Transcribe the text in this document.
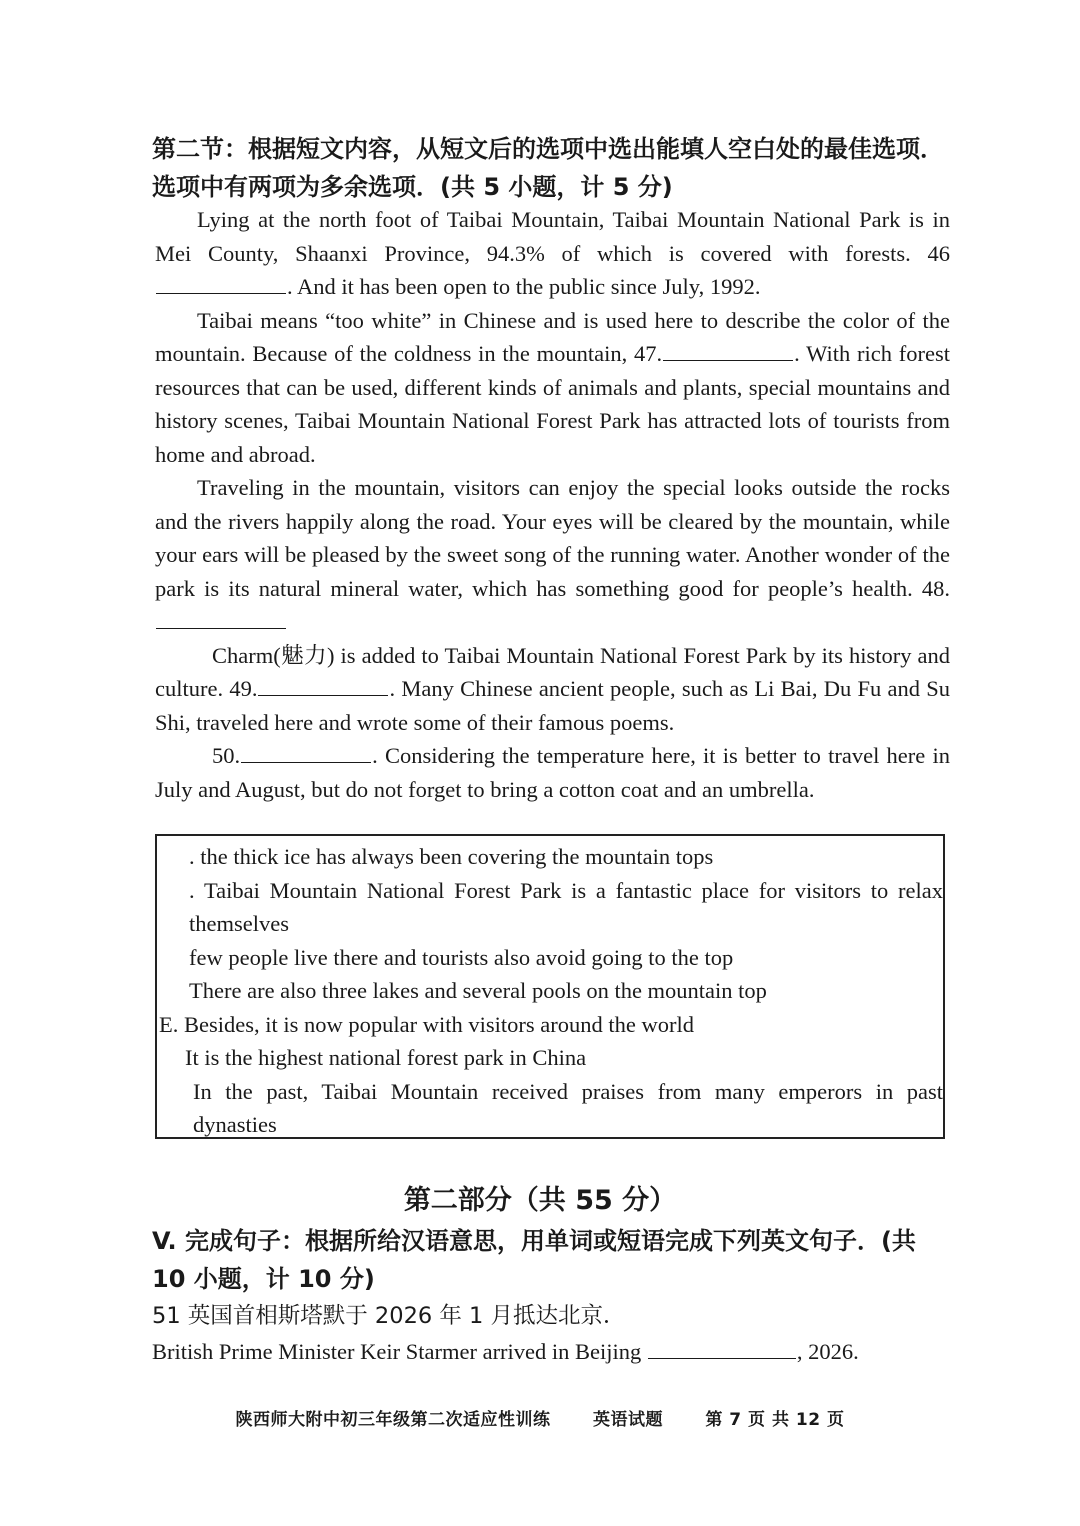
第二节：根据短文内容，从短文后的选项中选出能填人空白处的最佳选项．选项中有两项为多余选项．(共 5 小题，计 5 分)

Lying at the north foot of Taibai Mountain, Taibai Mountain National Park is in Mei County, Shaanxi Province, 94.3% of which is covered with forests. 46. And it has been open to the public since July, 1992.

Taibai means “too white” in Chinese and is used here to describe the color of the mountain. Because of the coldness in the mountain, 47.	. With rich forest resources that can be used, different kinds of animals and plants, special mountains and history scenes, Taibai Mountain National Forest Park has attracted lots of tourists from home and abroad.

Traveling in the mountain, visitors can enjoy the special looks outside the rocks and the rivers happily along the road. Your eyes will be cleared by the mountain, while your ears will be pleased by the sweet song of the running water. Another wonder of the park is its natural mineral water, which has something good for people’s health. 48.

Charm(魅力) is added to Taibai Mountain National Forest Park by its history and culture. 49.	. Many Chinese ancient people, such as Li Bai, Du Fu and Su Shi, traveled here and wrote some of their famous poems.

50.	. Considering the temperature here, it is better to travel here in July and August, but do not forget to bring a cotton coat and an umbrella.

. the thick ice has always been covering the mountain tops
. Taibai Mountain National Forest Park is a fantastic place for visitors to relax themselves
few people live there and tourists also avoid going to the top
There are also three lakes and several pools on the mountain top
E. Besides, it is now popular with visitors around the world
It is the highest national forest park in China
In the past, Taibai Mountain received praises from many emperors in past dynasties
第二部分（共 55 分）
V. 完成句子：根据所给汉语意思，用单词或短语完成下列英文句子．(共 10 小题，计 10 分)
51 英国首相斯塔默于 2026 年 1 月抵达北京．
British Prime Minister Keir Starmer arrived in Beijing	, 2026.
陕西师大附中初三年级第二次适应性训练 英语试题 第 7 页 共 12 页
